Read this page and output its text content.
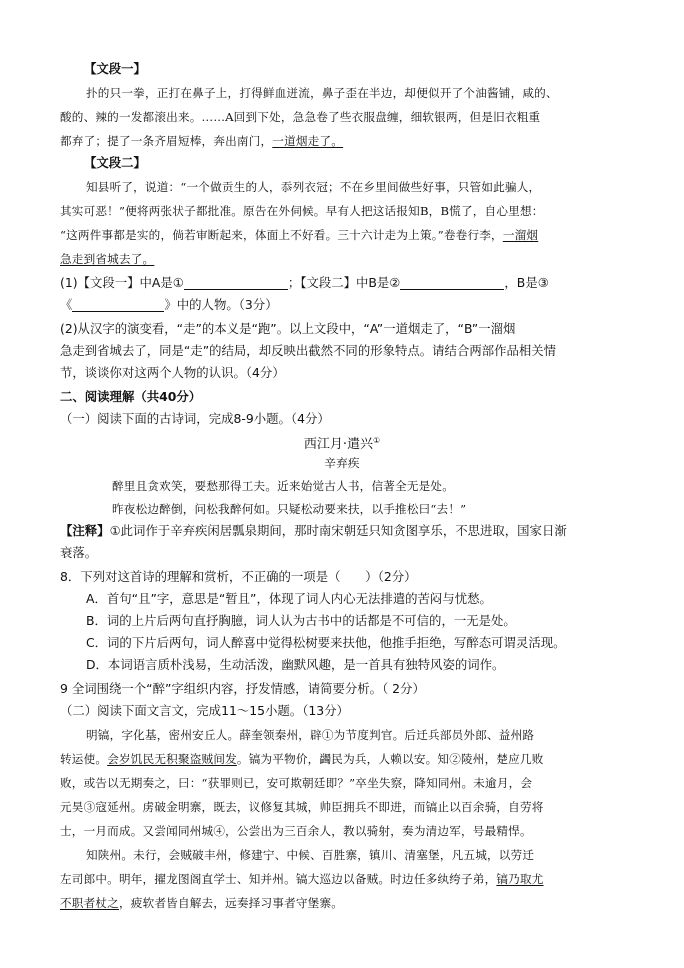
【文段一】
扑的只一拳，正打在鼻子上，打得鲜血迸流，鼻子歪在半边，却便似开了个油酱铺，咸的、
酸的、辣的一发都滚出来。……A回到下处，急急卷了些衣服盘缠，细软银两，但是旧衣粗重
都弃了；提了一条齐眉短棒，奔出南门，一道烟走了。
【文段二】
知县听了，说道：“一个做贡生的人，忝列衣冠；不在乡里间做些好事，只管如此骗人，
其实可恶！”便将两张状子都批准。原告在外伺候。早有人把这话报知B，B慌了，自心里想：
“这两件事都是实的，倘若审断起来，体面上不好看。三十六计走为上策。”卷卷行李，一溜烟
急走到省城去了。
(1)【文段一】中A是①	；【文段二】中B是②	，B是③
《	》中的人物。（3分）
(2)从汉字的演变看，“走”的本义是“跑”。以上文段中，“A”一道烟走了，“B”一溜烟
急走到省城去了，同是“走”的结局，却反映出截然不同的形象特点。请结合两部作品相关情
节，谈谈你对这两个人物的认识。（4分）
二、阅读理解（共40分）
（一）阅读下面的古诗词，完成8-9小题。（4分）
西江月·遣兴①
辛弃疾
醉里且贪欢笑，要愁那得工夫。近来始觉古人书，信著全无是处。
昨夜松边醉倒，问松我醉何如。只疑松动要来扶，以手推松曰“去！”
【注释】①此词作于辛弃疾闲居瓢泉期间，那时南宋朝廷只知贪图享乐，不思进取，国家日渐
衰落。
8．下列对这首诗的理解和赏析，不正确的一项是（　　）（2分）
A．首句“且”字，意思是“暂且”，体现了词人内心无法排遣的苦闷与忧愁。
B．词的上片后两句直抒胸臆，词人认为古书中的话都是不可信的，一无是处。
C．词的下片后两句，词人醉喜中觉得松树要来扶他，他推手拒绝，写醉态可谓灵活现。
D．本词语言质朴浅易，生动活泼，幽默风趣，是一首具有独特风姿的词作。
9 全词围绕一个“醉”字组织内容，抒发情感，请简要分析。（ 2分）
（二）阅读下面文言文，完成11～15小题。（13分）
明镐，字化基，密州安丘人。薛奎领秦州，辟①为节度判官。后迁兵部员外郎、益州路
转运使。会岁饥民无积聚盗贼间发。镐为平物价，蠲民为兵，人赖以安。知②陵州，楚应几败
败，或告以无期奏之，曰：“获罪则已，安可欺朝廷即？”卒坐失察，降知同州。未逾月，会
元昊③寇延州。虏破金明寨，既去，议修复其城，帅臣拥兵不即进，而镐止以百余骑，自劳将
士，一月而成。又尝闻同州城④，公尝出为三百余人，教以骑射，奏为清边军，号最精悍。
知陕州。未行，会贼破丰州，修建宁、中候、百胜寨，镇川、清塞堡，凡五城，以劳迁
左司郎中。明年，擢龙图阁直学士、知并州。镐大巡边以备贼。时边任多纨绔子弟，镐乃取尤
不职者杖之，疲软者皆自解去，远奏择习事者守堡寨。
